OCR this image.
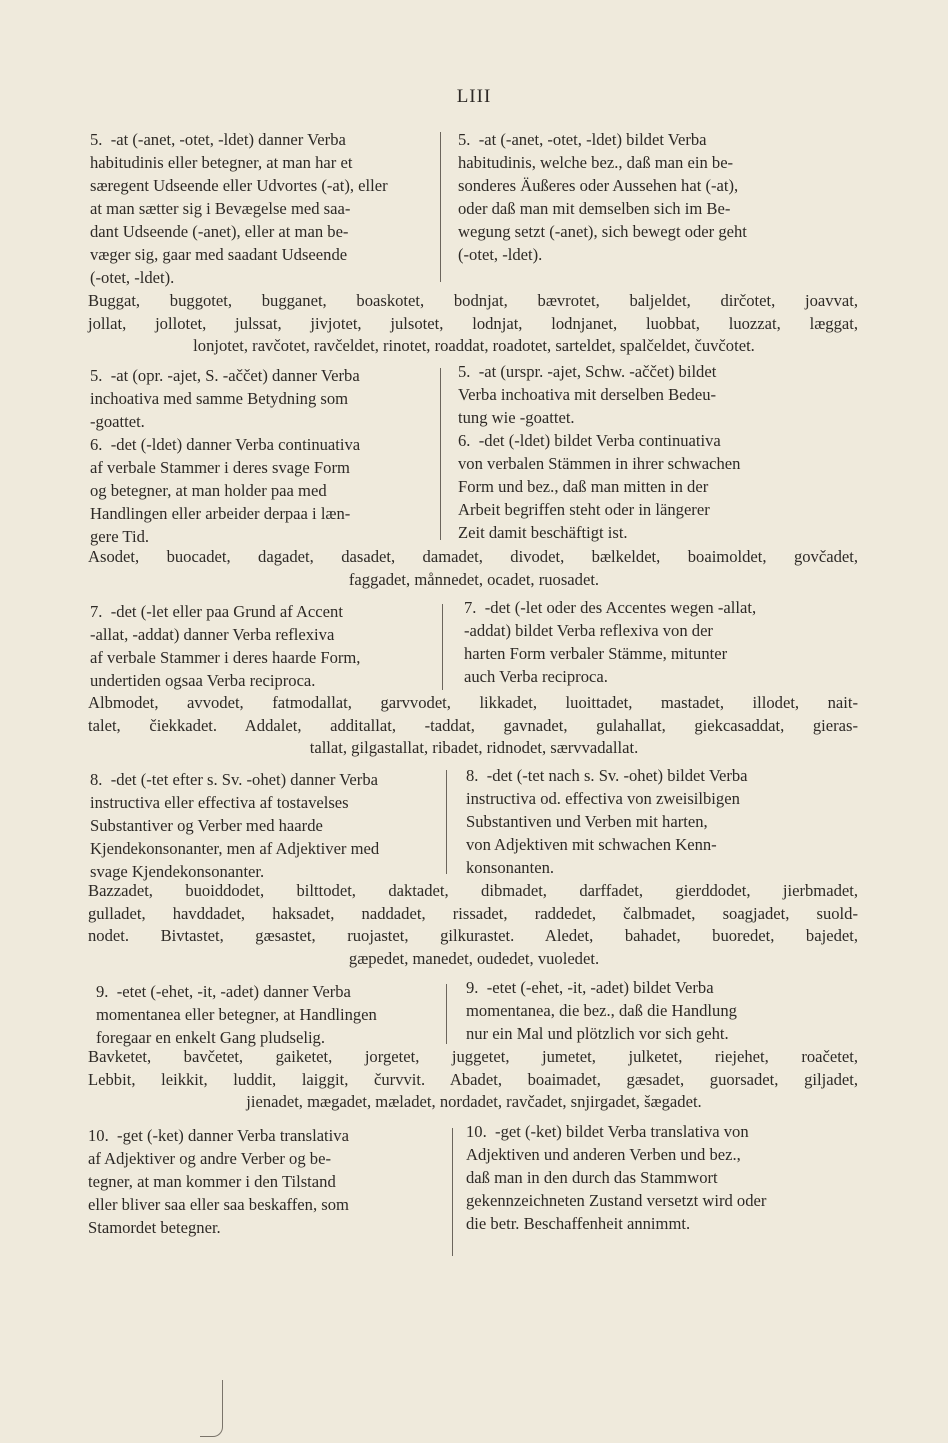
LIII
5.  -at (-anet, -otet, -ldet) danner Verba
habitudinis eller betegner, at man har et
særegent Udseende eller Udvortes (-at), eller
at man sætter sig i Bevægelse med saa-
dant Udseende (-anet), eller at man be-
væger sig, gaar med saadant Udseende
(-otet, -ldet).
5.  -at (-anet, -otet, -ldet) bildet Verba
habitudinis, welche bez., daß man ein be-
sonderes Äußeres oder Aussehen hat (-at),
oder daß man mit demselben sich im Be-
wegung setzt (-anet), sich bewegt oder geht
(-otet, -ldet).
Buggat, buggotet, bugganet, boaskotet, bodnjat, bævrotet, baljeldet, dirčotet, joavvat,
jollat, jollotet, julssat, jivjotet, julsotet, lodnjat, lodnjanet, luobbat, luozzat, læggat,
lonjotet, ravčotet, ravčeldet, rinotet, roaddat, roadotet, sarteldet, spalčeldet, čuvčotet.
5.  -at (opr. -ajet, S. -aččet) danner Verba
inchoativa med samme Betydning som
-goattet.
6.  -det (-ldet) danner Verba continuativa
af verbale Stammer i deres svage Form
og betegner, at man holder paa med
Handlingen eller arbeider derpaa i læn-
gere Tid.
5.  -at (urspr. -ajet, Schw. -aččet) bildet
Verba inchoativa mit derselben Bedeu-
tung wie -goattet.
6.  -det (-ldet) bildet Verba continuativa
von verbalen Stämmen in ihrer schwachen
Form und bez., daß man mitten in der
Arbeit begriffen steht oder in längerer
Zeit damit beschäftigt ist.
Asodet, buocadet, dagadet, dasadet, damadet, divodet, bælkeldet, boaimoldet, govčadet,
faggadet, månnedet, ocadet, ruosadet.
7.  -det (-let eller paa Grund af Accent
-allat, -addat) danner Verba reflexiva
af verbale Stammer i deres haarde Form,
undertiden ogsaa Verba reciproca.
7.  -det (-let oder des Accentes wegen -allat,
-addat) bildet Verba reflexiva von der
harten Form verbaler Stämme, mitunter
auch Verba reciproca.
Albmodet, avvodet, fatmodallat, garvvodet, likkadet, luoittadet, mastadet, illodet, nait-
talet, čiekkadet. Addalet, additallat, -taddat, gavnadet, gulahallat, giekcasaddat, gieras-
tallat, gilgastallat, ribadet, ridnodet, særvvadallat.
8.  -det (-tet efter s. Sv. -ohet) danner Verba
instructiva eller effectiva af tostavelses
Substantiver og Verber med haarde
Kjendekonsonanter, men af Adjektiver med
svage Kjendekonsonanter.
8.  -det (-tet nach s. Sv. -ohet) bildet Verba
instructiva od. effectiva von zweisilbigen
Substantiven und Verben mit harten,
von Adjektiven mit schwachen Kenn-
konsonanten.
Bazzadet, buoiddodet, bilttodet, daktadet, dibmadet, darffadet, gierddodet, jierbmadet,
gulladet, havddadet, haksadet, naddadet, rissadet, raddedet, čalbmadet, soagjadet, suold-
nodet. Bivtastet, gæsastet, ruojastet, gilkurastet. Aledet, bahadet, buoredet, bajedet,
gæpedet, manedet, oudedet, vuoledet.
9.  -etet (-ehet, -it, -adet) danner Verba
momentanea eller betegner, at Handlingen
foregaar en enkelt Gang pludselig.
9.  -etet (-ehet, -it, -adet) bildet Verba
momentanea, die bez., daß die Handlung
nur ein Mal und plötzlich vor sich geht.
Bavketet, bavčetet, gaiketet, jorgetet, juggetet, jumetet, julketet, riejehet, roačetet,
Lebbit, leikkit, luddit, laiggit, čurvvit. Abadet, boaimadet, gæsadet, guorsadet, giljadet,
jienadet, mægadet, mæladet, nordadet, ravčadet, snjirgadet, šægadet.
10.  -get (-ket) danner Verba translativa
af Adjektiver og andre Verber og be-
tegner, at man kommer i den Tilstand
eller bliver saa eller saa beskaffen, som
Stamordet betegner.
10.  -get (-ket) bildet Verba translativa von
Adjektiven und anderen Verben und bez.,
daß man in den durch das Stammwort
gekennzeichneten Zustand versetzt wird oder
die betr. Beschaffenheit annimmt.
